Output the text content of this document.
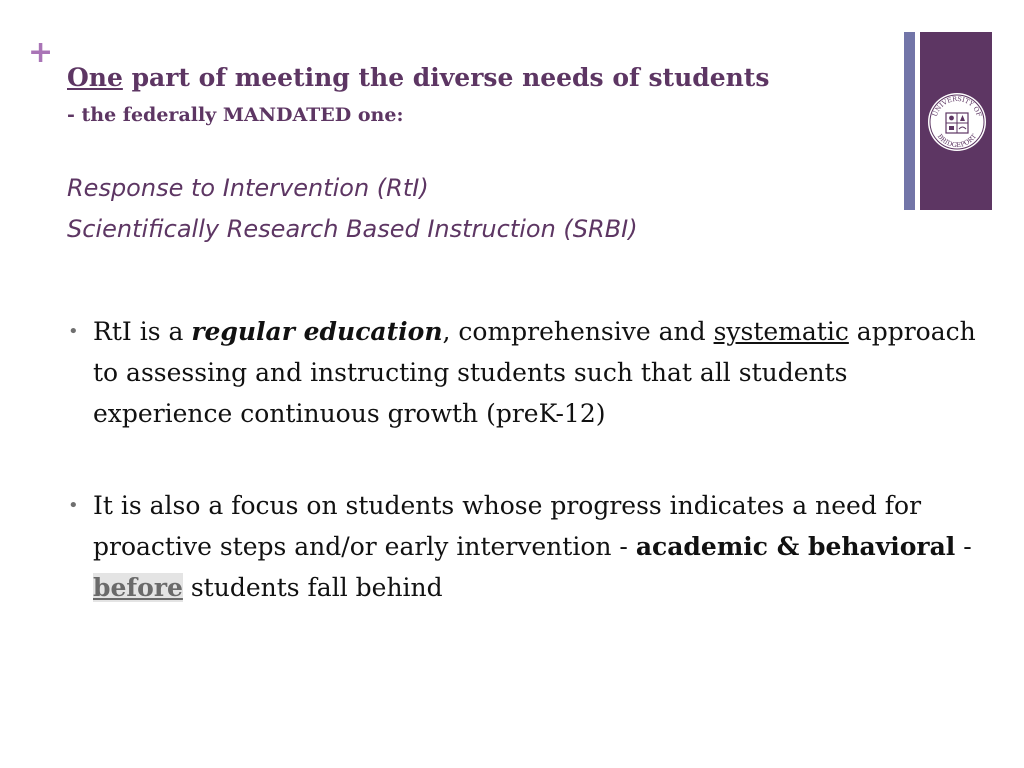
+
One part of meeting the diverse needs of students
- the federally MANDATED one:
Response to Intervention (RtI)
Scientifically Research Based Instruction (SRBI)
UNIVERSITY OF
BRIDGEPORT
• RtI is a regular education, comprehensive and systematic approach to assessing and instructing students such that all students experience continuous growth (preK-12)
• It is also a focus on students whose progress indicates a need for proactive steps and/or early intervention - academic & behavioral - before students fall behind
